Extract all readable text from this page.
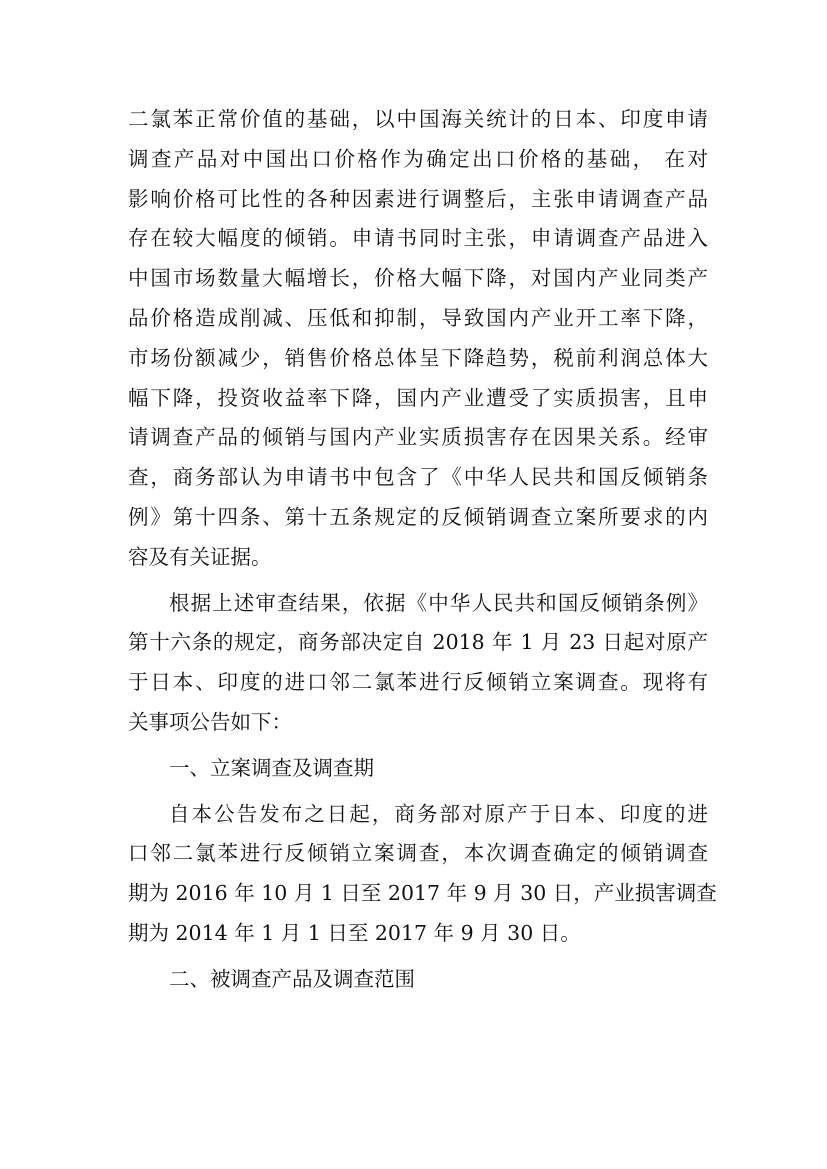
二氯苯正常价值的基础，以中国海关统计的日本、印度申请
调查产品对中国出口价格作为确定出口价格的基础， 在对
影响价格可比性的各种因素进行调整后，主张申请调查产品
存在较大幅度的倾销。申请书同时主张，申请调查产品进入
中国市场数量大幅增长，价格大幅下降，对国内产业同类产
品价格造成削减、压低和抑制，导致国内产业开工率下降，
市场份额减少，销售价格总体呈下降趋势，税前利润总体大
幅下降，投资收益率下降，国内产业遭受了实质损害，且申
请调查产品的倾销与国内产业实质损害存在因果关系。经审
查，商务部认为申请书中包含了《中华人民共和国反倾销条
例》第十四条、第十五条规定的反倾销调查立案所要求的内
容及有关证据。
根据上述审查结果，依据《中华人民共和国反倾销条例》
第十六条的规定，商务部决定自 2018 年 1 月 23 日起对原产
于日本、印度的进口邻二氯苯进行反倾销立案调查。现将有
关事项公告如下：
一、立案调查及调查期
自本公告发布之日起，商务部对原产于日本、印度的进
口邻二氯苯进行反倾销立案调查，本次调查确定的倾销调查
期为 2016 年 10 月 1 日至 2017 年 9 月 30 日，产业损害调查
期为 2014 年 1 月 1 日至 2017 年 9 月 30 日。
二、被调查产品及调查范围
